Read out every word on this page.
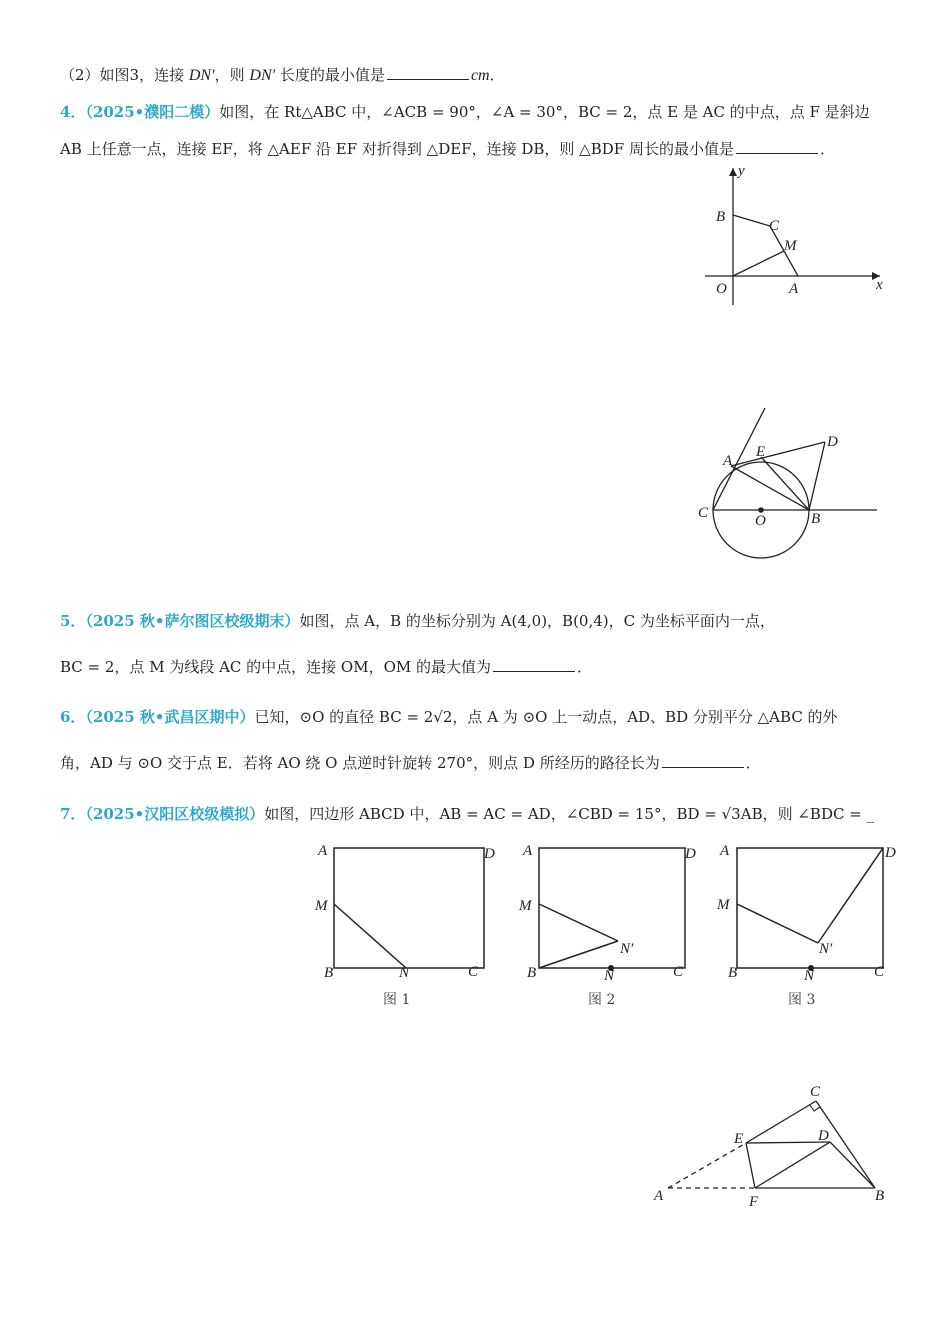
（2）如图3，连接 DN′，则 DN′ 长度的最小值是	cm．
4．（2025•濮阳二模）如图，在 Rt△ABC 中，∠ACB = 90°，∠A = 30°，BC = 2，点 E 是 AC 的中点，点 F 是斜边
AB 上任意一点，连接 EF，将 △AEF 沿 EF 对折得到 △DEF，连接 DB，则 △BDF 周长的最小值是	．
B
C
M
O	A	x
y
A
E
D
C	O	B
5．（2025 秋•萨尔图区校级期末）如图，点 A，B 的坐标分别为 A(4,0)，B(0,4)，C 为坐标平面内一点，
BC = 2，点 M 为线段 AC 的中点，连接 OM，OM 的最大值为	．
6．（2025 秋•武昌区期中）已知，⊙O 的直径 BC = 2√2，点 A 为 ⊙O 上一动点，AD、BD 分别平分 △ABC 的外
角，AD 与 ⊙O 交于点 E．若将 AO 绕 O 点逆时针旋转 270°，则点 D 所经历的路径长为	．
7．（2025•汉阳区校级模拟）如图，四边形 ABCD 中，AB = AC = AD，∠CBD = 15°，BD = √3AB，则 ∠BDC = _
A	D
M
B	N	C
图 1
A	D
M
N′
B	N	C
图 2
A	D
M
N′
B	N	C
图 3
C
E	D
A	F	B
